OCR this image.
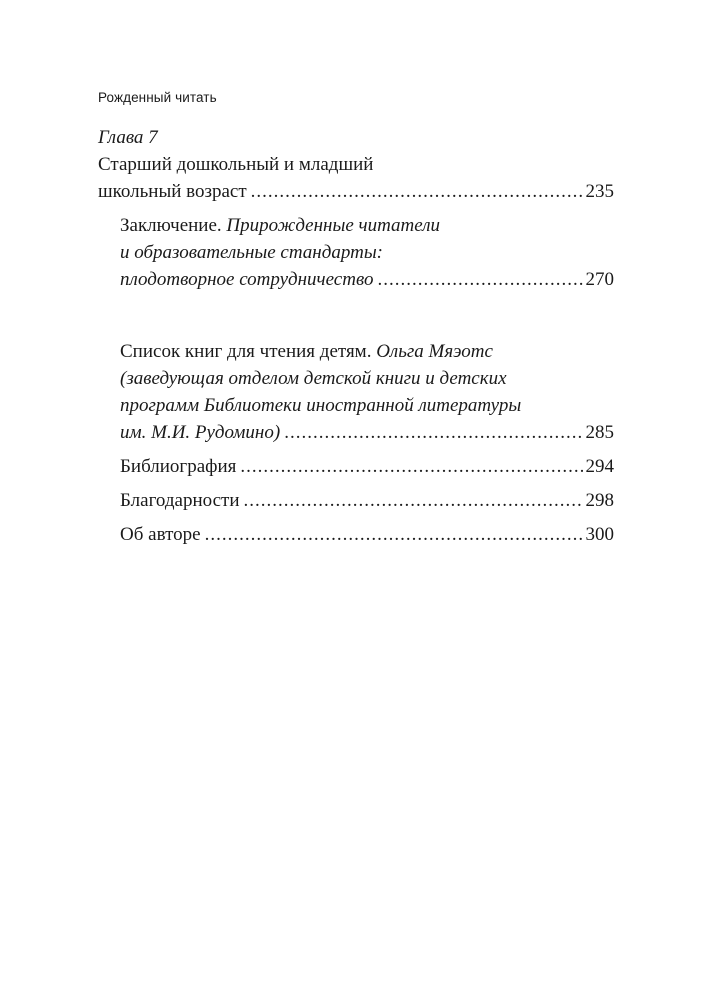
Рожденный читать
Глава 7
Старший дошкольный и младший
школьный возраст .....	235
Заключение. Прирожденные читатели
и образовательные стандарты:
плодотворное сотрудничество .....	270
Список книг для чтения детям. Ольга Мяэотс
(заведующая отделом детской книги и детских
программ Библиотеки иностранной литературы
им. М.И. Рудомино) .....	285
Библиография .....	294
Благодарности .....	298
Об авторе .....	300
